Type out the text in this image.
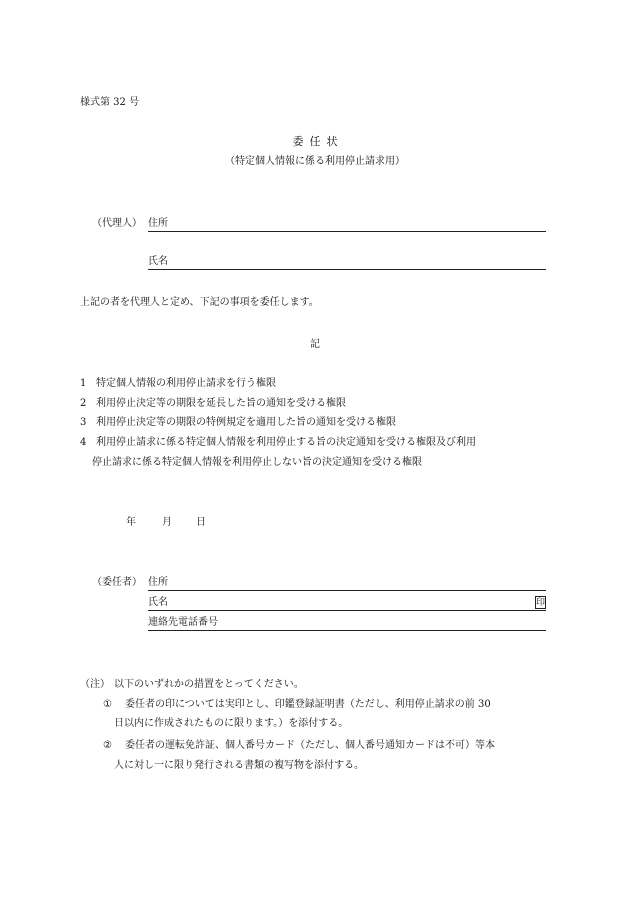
様式第 32 号
委任状
（特定個人情報に係る利用停止請求用）
（代理人） 住所
氏名
上記の者を代理人と定め、下記の事項を委任します。
記
1 特定個人情報の利用停止請求を行う権限
2 利用停止決定等の期限を延長した旨の通知を受ける権限
3 利用停止決定等の期限の特例規定を適用した旨の通知を受ける権限
4 利用停止請求に係る特定個人情報を利用停止する旨の決定通知を受ける権限及び利用
停止請求に係る特定個人情報を利用停止しない旨の決定通知を受ける権限
年	月 日
（委任者） 住所
氏名	印
連絡先電話番号
（注） 以下のいずれかの措置をとってください。
① 委任者の印については実印とし、印鑑登録証明書（ただし、利用停止請求の前 30
日以内に作成されたものに限ります。）を添付する。
② 委任者の運転免許証、個人番号カード（ただし、個人番号通知カードは不可）等本
人に対し一に限り発行される書類の複写物を添付する。
